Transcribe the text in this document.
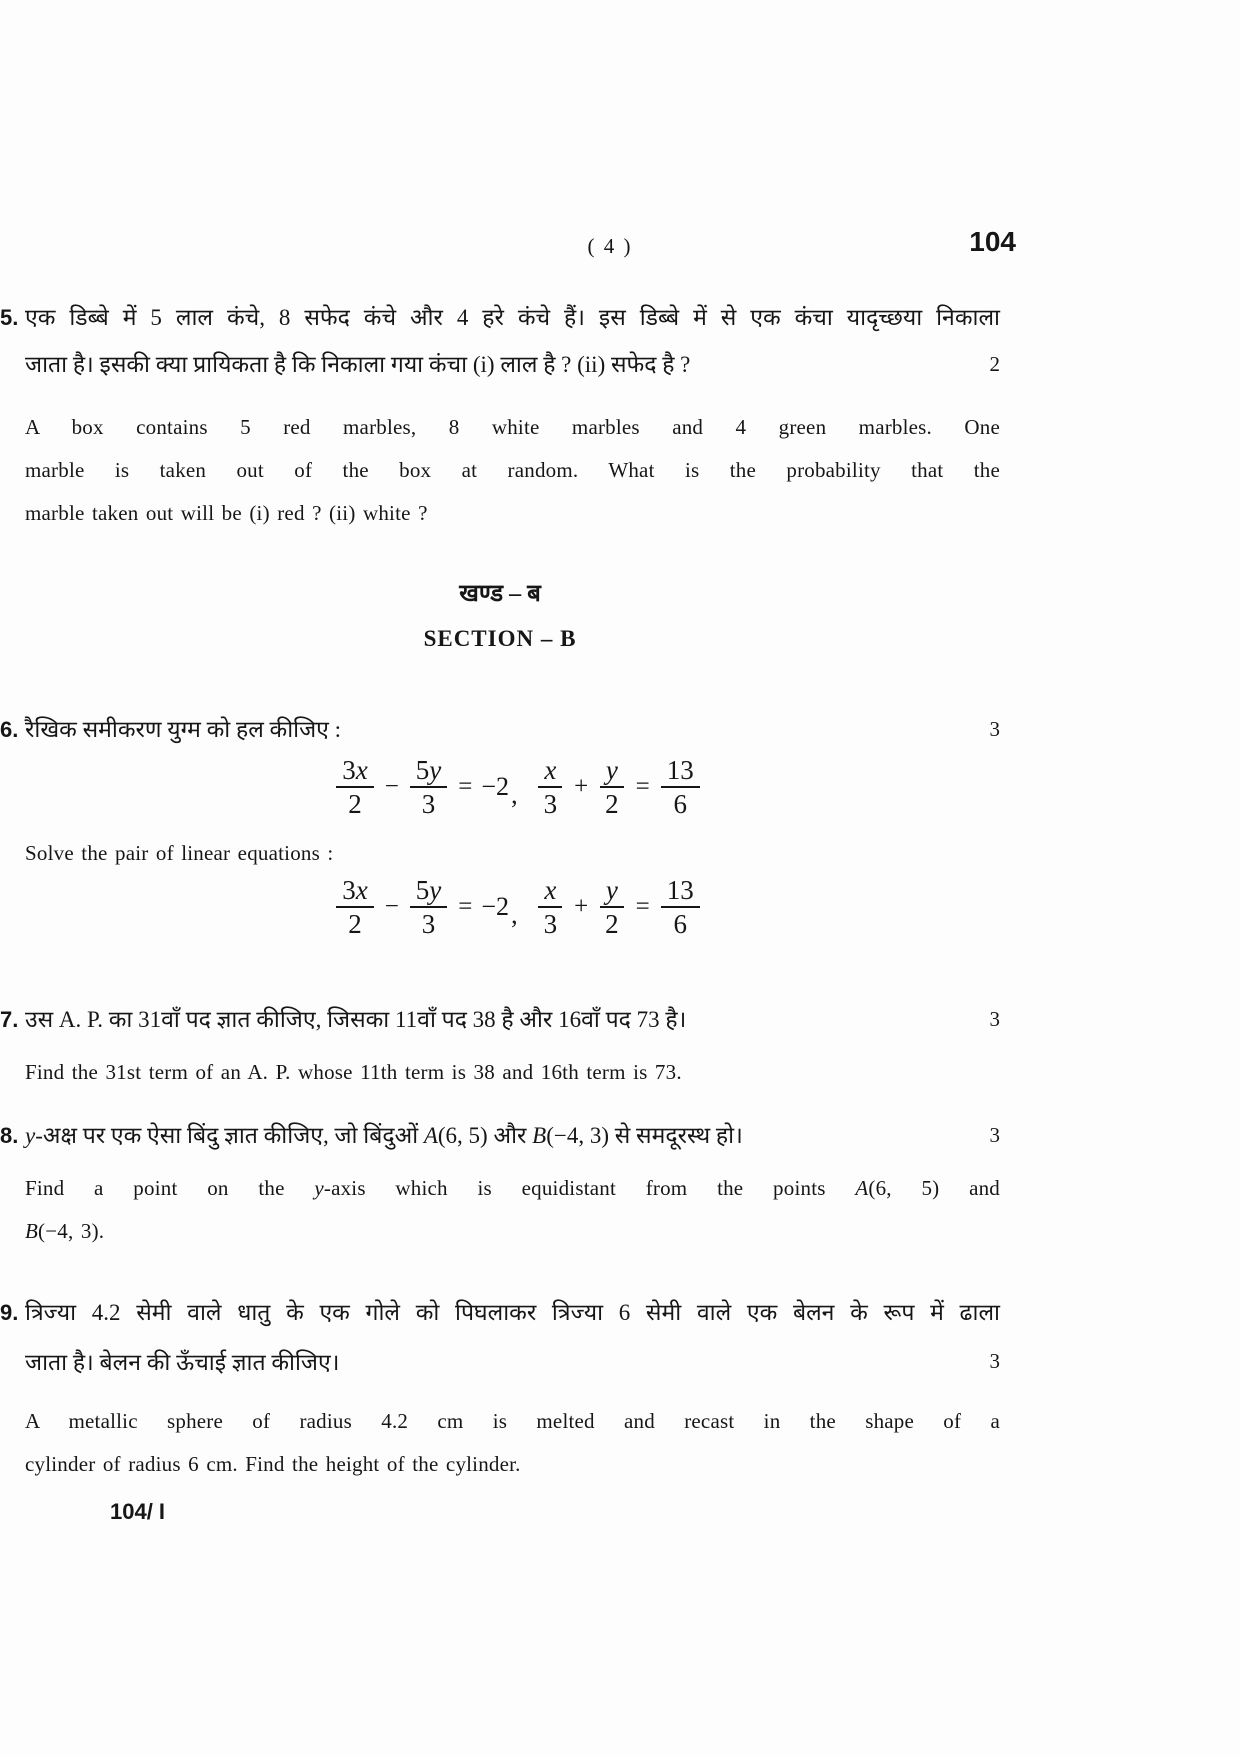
( 4 )	104
5.
2
एक डिब्बे में 5 लाल कंचे, 8 सफेद कंचे और 4 हरे कंचे हैं। इस डिब्बे में से एक कंचा यादृच्छया निकाला
जाता है। इसकी क्या प्रायिकता है कि निकाला गया कंचा (i) लाल है ? (ii) सफेद है ?
A box contains 5 red marbles, 8 white marbles and 4 green marbles. One
marble is taken out of the box at random. What is the probability that the
marble taken out will be (i) red ? (ii) white ?
खण्ड – ब
SECTION – B
6.	3
रैखिक समीकरण युग्म को हल कीजिए :
$\frac{3x}{2} - \frac{5y}{3} = -2$ , $\frac{x}{3} + \frac{y}{2} = \frac{13}{6}$
Solve the pair of linear equations :
$\frac{3x}{2} - \frac{5y}{3} = -2$ , $\frac{x}{3} + \frac{y}{2} = \frac{13}{6}$
7.	3
उस A. P. का 31वाँ पद ज्ञात कीजिए, जिसका 11वाँ पद 38 है और 16वाँ पद 73 है।
Find the 31st term of an A. P. whose 11th term is 38 and 16th term is 73.
8.	3
y-अक्ष पर एक ऐसा बिंदु ज्ञात कीजिए, जो बिंदुओं A(6, 5) और B(−4, 3) से समदूरस्थ हो।
Find a point on the y-axis which is equidistant from the points A(6, 5) and
B(−4, 3).
9.
3
त्रिज्या 4.2 सेमी वाले धातु के एक गोले को पिघलाकर त्रिज्या 6 सेमी वाले एक बेलन के रूप में ढाला
जाता है। बेलन की ऊँचाई ज्ञात कीजिए।
A metallic sphere of radius 4.2 cm is melted and recast in the shape of a
cylinder of radius 6 cm. Find the height of the cylinder.
104/ I
